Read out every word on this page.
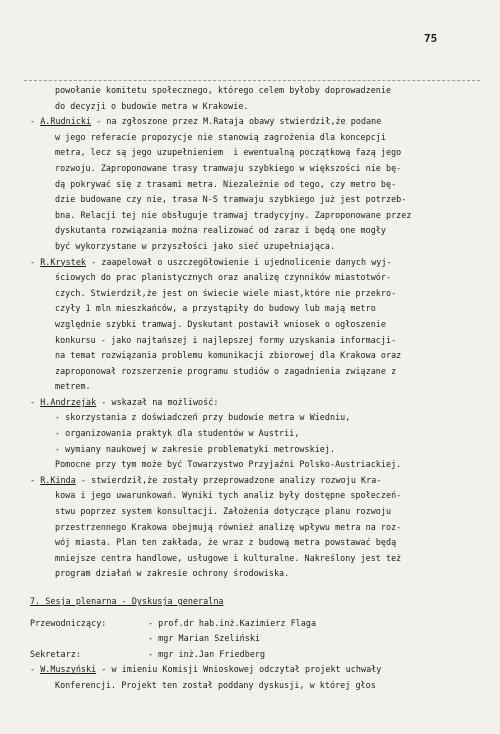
75
powołanie komitetu społecznego, którego celem byłoby doprowadzenie
do decyzji o budowie metra w Krakowie.
- A.Rudnicki - na zgłoszone przez M.Rataja obawy stwierdził,że podane
w jego referacie propozycje nie stanowią zagrożenia dla koncepcji
metra, lecz są jego uzupełnieniem  i ewentualną początkową fazą jego
rozwoju. Zaproponowane trasy tramwaju szybkiego w większości nie bę-
dą pokrywać się z trasami metra. Niezależnie od tego, czy metro bę-
dzie budowane czy nie, trasa N-S tramwaju szybkiego już jest potrzeb-
bna. Relacji tej nie obsługuje tramwaj tradycyjny. Zaproponowane przez
dyskutanta rozwiązania można realizować od zaraz i będą one mogły
być wykorzystane w przyszłości jako sieć uzupełniająca.
- R.Krystek - zaapelował o uszczegółowienie i ujednolicenie danych wyj-
ściowych do prac planistycznych oraz analizę czynników miastotwór-
czych. Stwierdził,że jest on świecie wiele miast,które nie przekro-
czyły 1 mln mieszkańców, a przystąpiły do budowy lub mają metro
względnie szybki tramwaj. Dyskutant postawił wniosek o ogłoszenie
konkursu - jako najtańszej i najlepszej formy uzyskania informacji-
na temat rozwiązania problemu komunikacji zbiorowej dla Krakowa oraz
zaproponował rozszerzenie programu studiów o zagadnienia związane z
metrem.
- H.Andrzejak - wskazał na możliwość:
- skorzystania z doświadczeń przy budowie metra w Wiedniu,
- organizowania praktyk dla studentów w Austrii,
- wymiany naukowej w zakresie problematyki metrowskiej.
Pomocne przy tym może być Towarzystwo Przyjaźni Polsko-Austriackiej.
- R.Kinda - stwierdził,że zostały przeprowadzone analizy rozwoju Kra-
kowa i jego uwarunkowań. Wyniki tych analiz były dostępne społeczeń-
stwu poprzez system konsultacji. Założenia dotyczące planu rozwoju
przestrzennego Krakowa obejmują również analizę wpływu metra na roz-
wój miasta. Plan ten zakłada, że wraz z budową metra powstawać będą
mniejsze centra handlowe, usługowe i kulturalne. Nakreślony jest też
program działań w zakresie ochrony środowiska.
7. Sesja plenarna - Dyskusja generalna
Przewodniczący:	- prof.dr hab.inż.Kazimierz Flaga
- mgr Marian Szeliński
Sekretarz:	- mgr inż.Jan Friedberg
- W.Muszyński - w imieniu Komisji Wnioskowej odczytał projekt uchwały
Konferencji. Projekt ten został poddany dyskusji, w której głos
